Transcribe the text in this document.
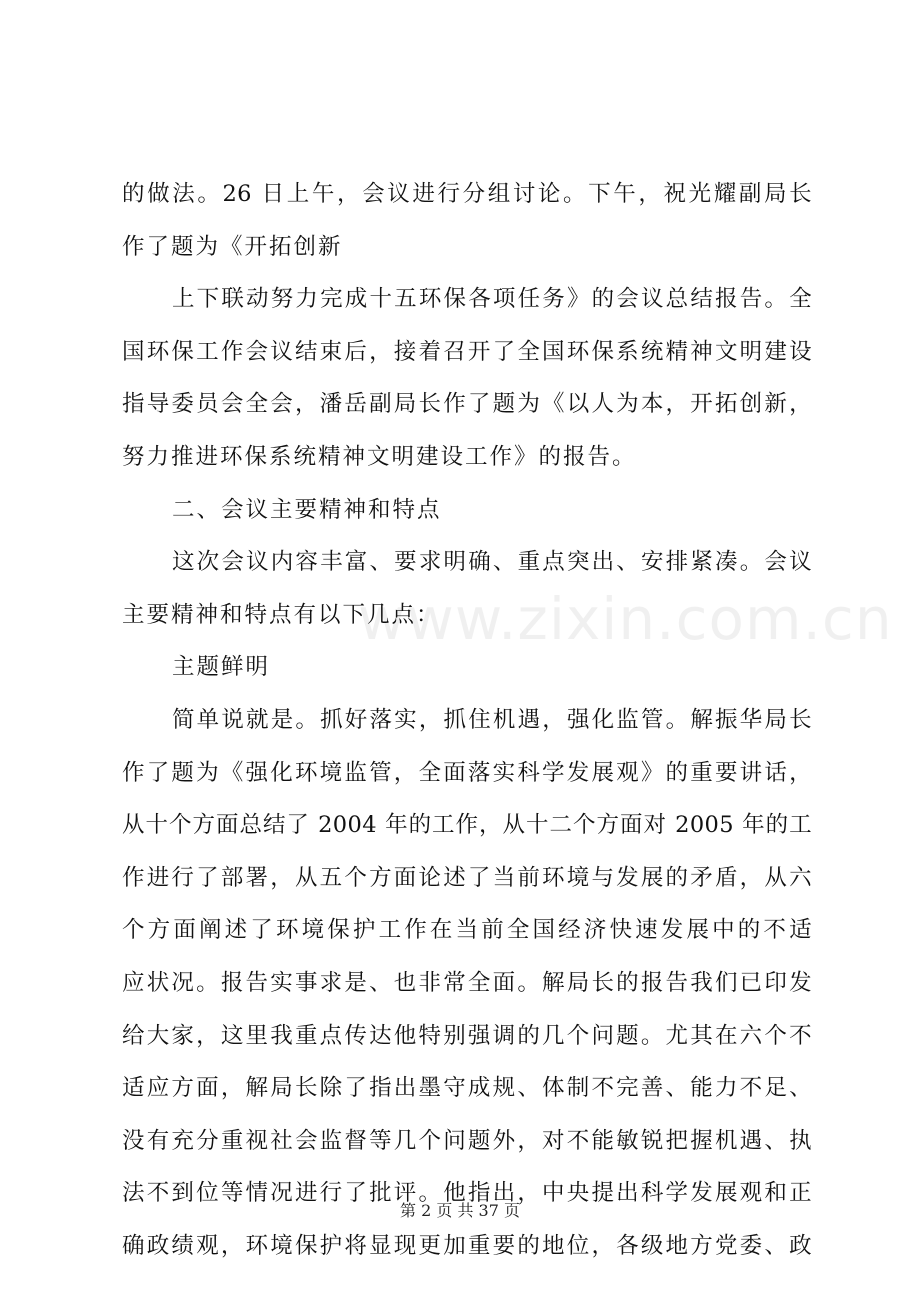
的做法。26 日上午，会议进行分组讨论。下午，祝光耀副局长
作了题为《开拓创新
上下联动努力完成十五环保各项任务》的会议总结报告。全
国环保工作会议结束后，接着召开了全国环保系统精神文明建设
指导委员会全会，潘岳副局长作了题为《以人为本，开拓创新，
努力推进环保系统精神文明建设工作》的报告。
二、会议主要精神和特点
这次会议内容丰富、要求明确、重点突出、安排紧凑。会议
主要精神和特点有以下几点：
主题鲜明
简单说就是。抓好落实，抓住机遇，强化监管。解振华局长
作了题为《强化环境监管，全面落实科学发展观》的重要讲话，
从十个方面总结了 2004 年的工作，从十二个方面对 2005 年的工
作进行了部署，从五个方面论述了当前环境与发展的矛盾，从六
个方面阐述了环境保护工作在当前全国经济快速发展中的不适
应状况。报告实事求是、也非常全面。解局长的报告我们已印发
给大家，这里我重点传达他特别强调的几个问题。尤其在六个不
适应方面，解局长除了指出墨守成规、体制不完善、能力不足、
没有充分重视社会监督等几个问题外，对不能敏锐把握机遇、执
法不到位等情况进行了批评。他指出，中央提出科学发展观和正
确政绩观，环境保护将显现更加重要的地位，各级地方党委、政
www.zixin.com.cn
第 2 页 共 37 页
